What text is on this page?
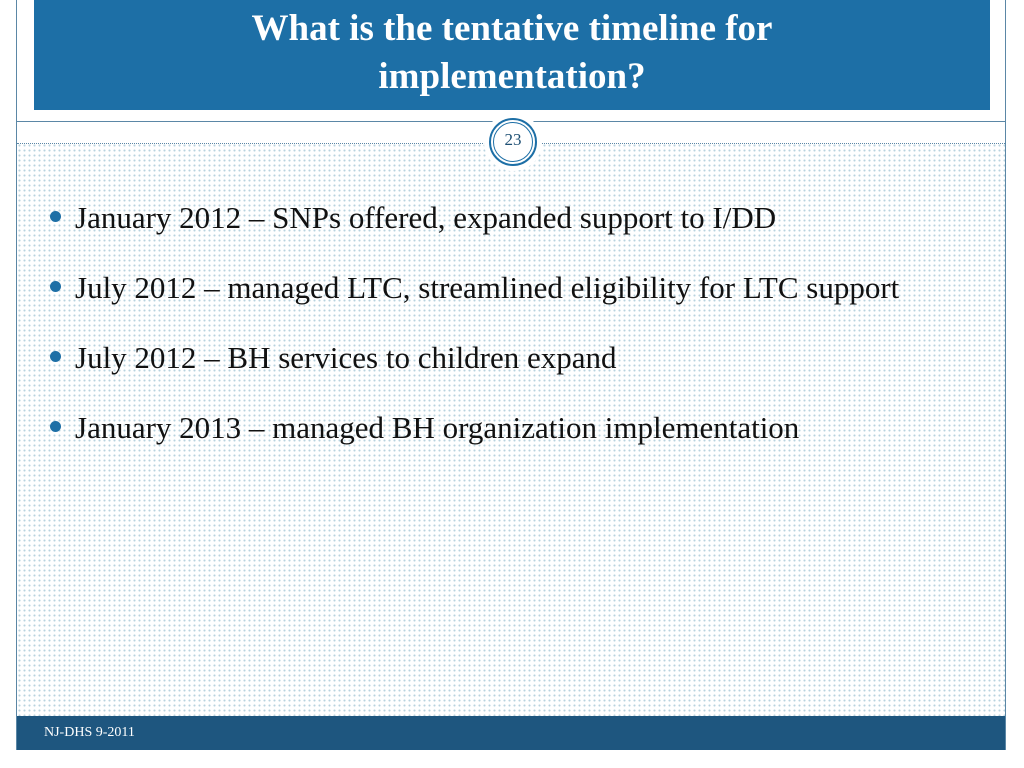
What is the tentative timeline for
implementation?
23
January 2012 – SNPs offered, expanded support to I/DD
July 2012 – managed LTC, streamlined eligibility for LTC support
July 2012 – BH services to children expand
January 2013 – managed BH organization implementation
NJ-DHS 9-2011
